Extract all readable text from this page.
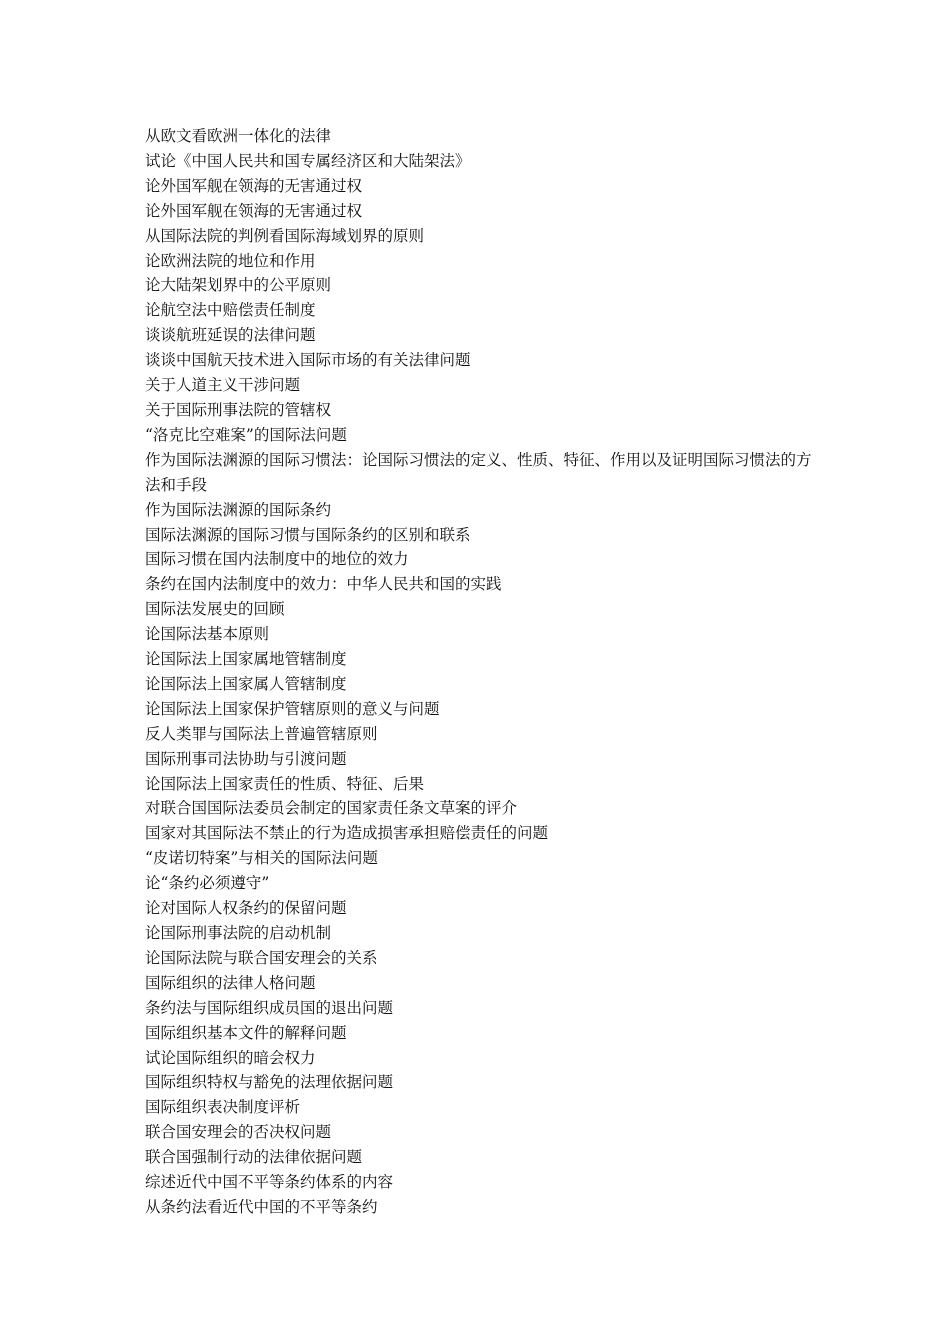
从欧文看欧洲一体化的法律
试论《中国人民共和国专属经济区和大陆架法》
论外国军舰在领海的无害通过权
论外国军舰在领海的无害通过权
从国际法院的判例看国际海域划界的原则
论欧洲法院的地位和作用
论大陆架划界中的公平原则
论航空法中赔偿责任制度
谈谈航班延误的法律问题
谈谈中国航天技术进入国际市场的有关法律问题
关于人道主义干涉问题
关于国际刑事法院的管辖权
“洛克比空难案”的国际法问题
作为国际法渊源的国际习惯法：论国际习惯法的定义、性质、特征、作用以及证明国际习惯法的方法和手段
作为国际法渊源的国际条约
国际法渊源的国际习惯与国际条约的区别和联系
国际习惯在国内法制度中的地位的效力
条约在国内法制度中的效力：中华人民共和国的实践
国际法发展史的回顾
论国际法基本原则
论国际法上国家属地管辖制度
论国际法上国家属人管辖制度
论国际法上国家保护管辖原则的意义与问题
反人类罪与国际法上普遍管辖原则
国际刑事司法协助与引渡问题
论国际法上国家责任的性质、特征、后果
对联合国国际法委员会制定的国家责任条文草案的评介
国家对其国际法不禁止的行为造成损害承担赔偿责任的问题
“皮诺切特案”与相关的国际法问题
论“条约必须遵守”
论对国际人权条约的保留问题
论国际刑事法院的启动机制
论国际法院与联合国安理会的关系
国际组织的法律人格问题
条约法与国际组织成员国的退出问题
国际组织基本文件的解释问题
试论国际组织的暗会权力
国际组织特权与豁免的法理依据问题
国际组织表决制度评析
联合国安理会的否决权问题
联合国强制行动的法律依据问题
综述近代中国不平等条约体系的内容
从条约法看近代中国的不平等条约
